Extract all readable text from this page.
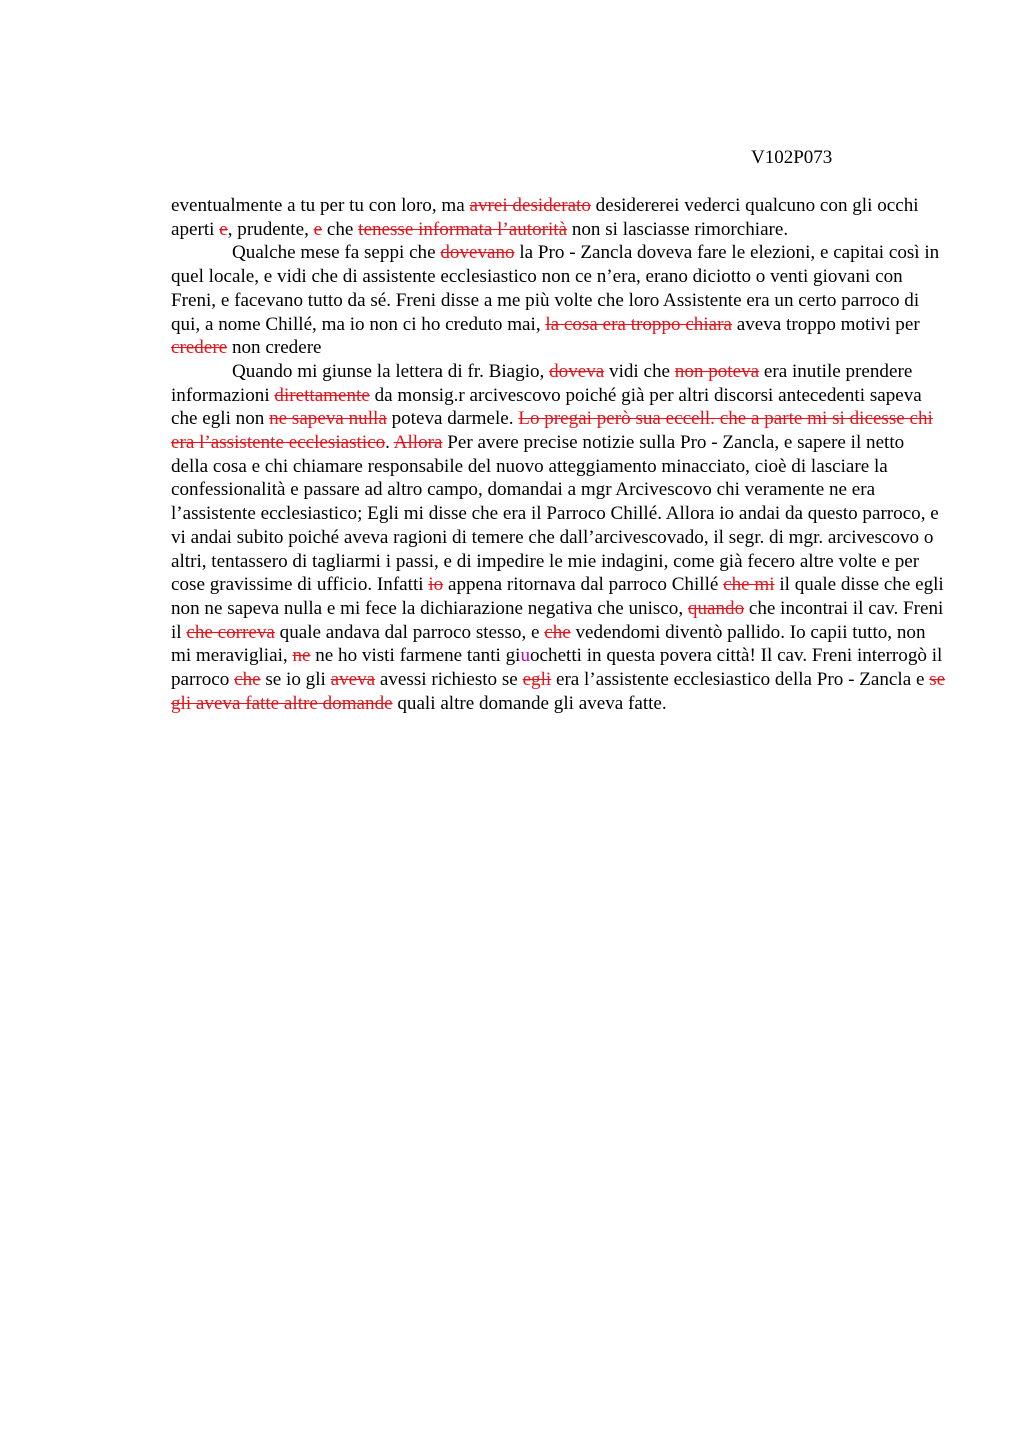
V102P073

eventualmente a tu per tu con loro, ma avrei desiderato desidererei vederci qualcuno con gli occhi aperti e, prudente, e che tenesse informata l’autorità non si lasciasse rimorchiare.

Qualche mese fa seppi che dovevano la Pro - Zancla doveva fare le elezioni, e capitai così in quel locale, e vidi che di assistente ecclesiastico non ce n’era, erano diciotto o venti giovani con Freni, e facevano tutto da sé. Freni disse a me più volte che loro Assistente era un certo parroco di qui, a nome Chillé, ma io non ci ho creduto mai, la cosa era troppo chiara aveva troppo motivi per credere non credere

Quando mi giunse la lettera di fr. Biagio, doveva vidi che non poteva era inutile prendere informazioni direttamente da monsig.r arcivescovo poiché già per altri discorsi antecedenti sapeva che egli non ne sapeva nulla poteva darmele. Lo pregai però sua eccell. che a parte mi si dicesse chi era l’assistente ecclesiastico. Allora Per avere precise notizie sulla Pro - Zancla, e sapere il netto della cosa e chi chiamare responsabile del nuovo atteggiamento minacciato, cioè di lasciare la confessionalità e passare ad altro campo, domandai a mgr Arcivescovo chi veramente ne era l’assistente ecclesiastico; Egli mi disse che era il Parroco Chillé. Allora io andai da questo parroco, e vi andai subito poiché aveva ragioni di temere che dall’arcivescovado, il segr. di mgr. arcivescovo o altri, tentassero di tagliarmi i passi, e di impedire le mie indagini, come già fecero altre volte e per cose gravissime di ufficio. Infatti io appena ritornava dal parroco Chillé che mi il quale disse che egli non ne sapeva nulla e mi fece la dichiarazione negativa che unisco, quando che incontrai il cav. Freni il che correva quale andava dal parroco stesso, e che vedendomi diventò pallido. Io capii tutto, non mi meravigliai, ne ne ho visti farmene tanti giuochetti in questa povera città! Il cav. Freni interrogò il parroco che se io gli aveva avessi richiesto se egli era l’assistente ecclesiastico della Pro - Zancla e se gli aveva fatte altre domande quali altre domande gli aveva fatte.
